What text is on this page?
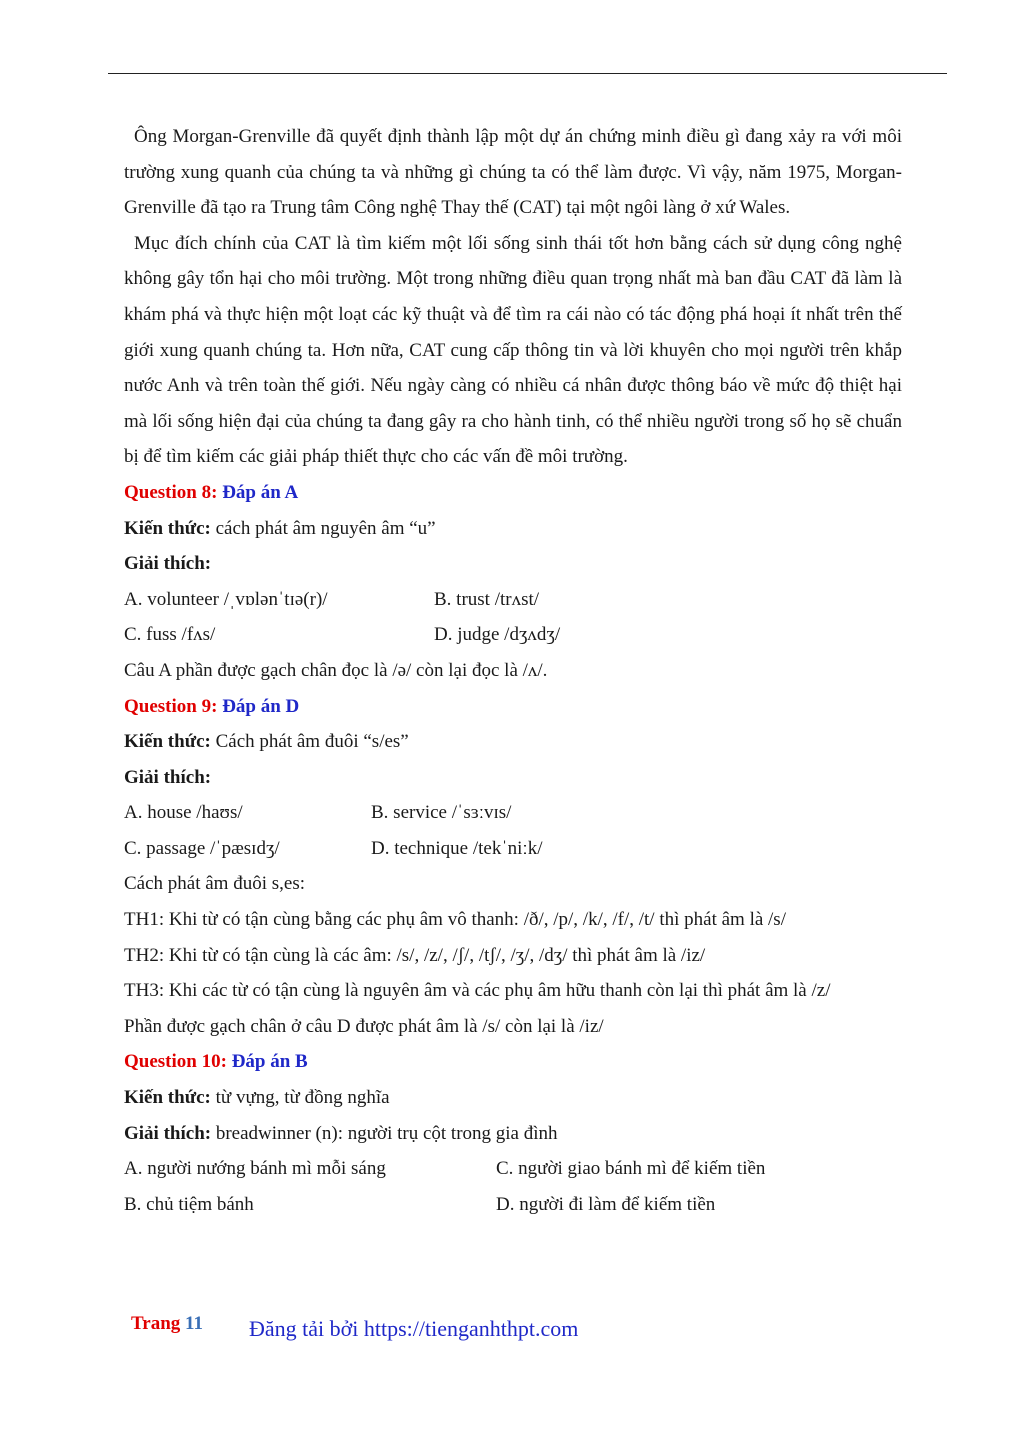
Ông Morgan-Grenville đã quyết định thành lập một dự án chứng minh điều gì đang xảy ra với môi trường xung quanh của chúng ta và những gì chúng ta có thể làm được. Vì vậy, năm 1975, Morgan-Grenville đã tạo ra Trung tâm Công nghệ Thay thế (CAT) tại một ngôi làng ở xứ Wales.

Mục đích chính của CAT là tìm kiếm một lối sống sinh thái tốt hơn bằng cách sử dụng công nghệ không gây tổn hại cho môi trường. Một trong những điều quan trọng nhất mà ban đầu CAT đã làm là khám phá và thực hiện một loạt các kỹ thuật và để tìm ra cái nào có tác động phá hoại ít nhất trên thế giới xung quanh chúng ta. Hơn nữa, CAT cung cấp thông tin và lời khuyên cho mọi người trên khắp nước Anh và trên toàn thế giới. Nếu ngày càng có nhiều cá nhân được thông báo về mức độ thiệt hại mà lối sống hiện đại của chúng ta đang gây ra cho hành tinh, có thể nhiều người trong số họ sẽ chuẩn bị để tìm kiếm các giải pháp thiết thực cho các vấn đề môi trường.

Question 8: Đáp án A

Kiến thức: cách phát âm nguyên âm “u”

Giải thích:

A. volunteer /ˌvɒlənˈtɪə(r)/	B. trust /trʌst/
C. fuss /fʌs/	D. judge /dʒʌdʒ/

Câu A phần được gạch chân đọc là /ə/ còn lại đọc là /ʌ/.

Question 9: Đáp án D

Kiến thức: Cách phát âm đuôi “s/es”

Giải thích:

A. house /haʊs/	B. service /ˈsɜːvɪs/
C. passage /ˈpæsɪdʒ/	D. technique /tekˈniːk/

Cách phát âm đuôi s,es:

TH1: Khi từ có tận cùng bằng các phụ âm vô thanh: /ð/, /p/, /k/, /f/, /t/ thì phát âm là /s/

TH2: Khi từ có tận cùng là các âm: /s/, /z/, /ʃ/, /tʃ/, /ʒ/, /dʒ/ thì phát âm là /iz/

TH3: Khi các từ có tận cùng là nguyên âm và các phụ âm hữu thanh còn lại thì phát âm là /z/

Phần được gạch chân ở câu D được phát âm là /s/ còn lại là /iz/

Question 10: Đáp án B

Kiến thức: từ vựng, từ đồng nghĩa

Giải thích: breadwinner (n): người trụ cột trong gia đình

A. người nướng bánh mì mỗi sáng	C. người giao bánh mì để kiếm tiền
B. chủ tiệm bánh	D. người đi làm để kiếm tiền
Trang 11 Đăng tải bởi https://tienganhthpt.com
